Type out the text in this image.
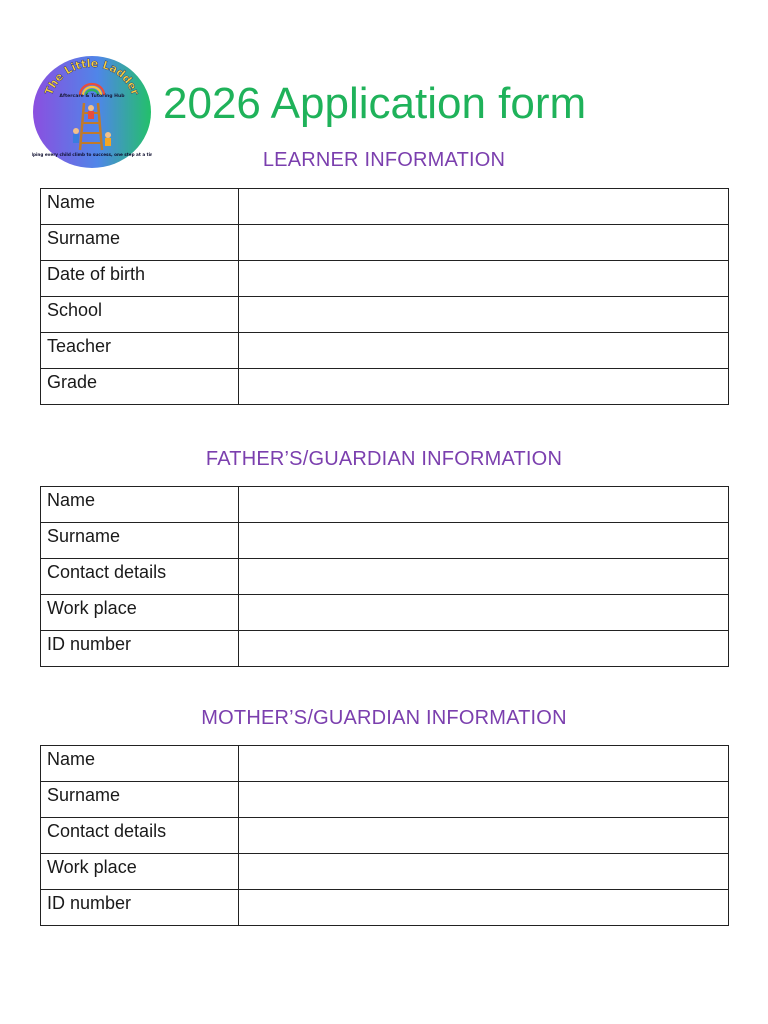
The Little Ladder
Aftercare & Tutoring Hub
ping every child climb to success, one step at a ti
2026 Application form
LEARNER INFORMATION
Name	
Surname	
Date of birth	
School	
Teacher	
Grade	
FATHER’S/GUARDIAN INFORMATION
Name	
Surname	
Contact details	
Work place	
ID number	
MOTHER’S/GUARDIAN INFORMATION
Name	
Surname	
Contact details	
Work place	
ID number	
